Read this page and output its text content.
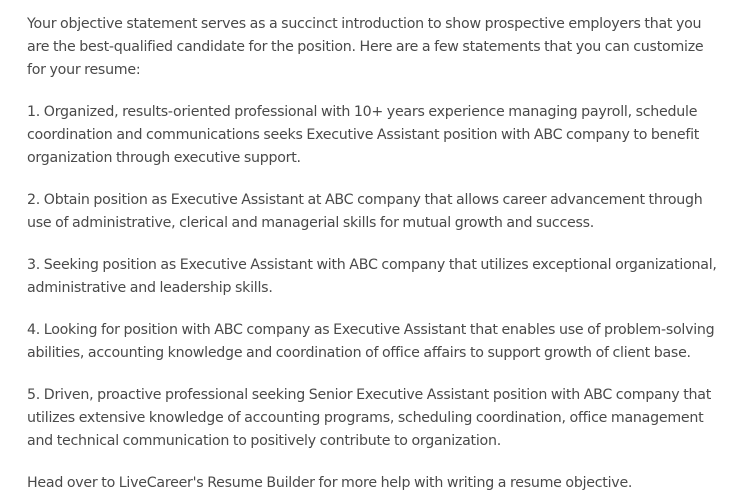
Your objective statement serves as a succinct introduction to show prospective employers that you are the best-qualified candidate for the position. Here are a few statements that you can customize for your resume:

1. Organized, results-oriented professional with 10+ years experience managing payroll, schedule coordination and communications seeks Executive Assistant position with ABC company to benefit organization through executive support.

2. Obtain position as Executive Assistant at ABC company that allows career advancement through use of administrative, clerical and managerial skills for mutual growth and success.

3. Seeking position as Executive Assistant with ABC company that utilizes exceptional organizational, administrative and leadership skills.

4. Looking for position with ABC company as Executive Assistant that enables use of problem-solving abilities, accounting knowledge and coordination of office affairs to support growth of client base.

5. Driven, proactive professional seeking Senior Executive Assistant position with ABC company that utilizes extensive knowledge of accounting programs, scheduling coordination, office management and technical communication to positively contribute to organization.

Head over to LiveCareer's Resume Builder for more help with writing a resume objective.
